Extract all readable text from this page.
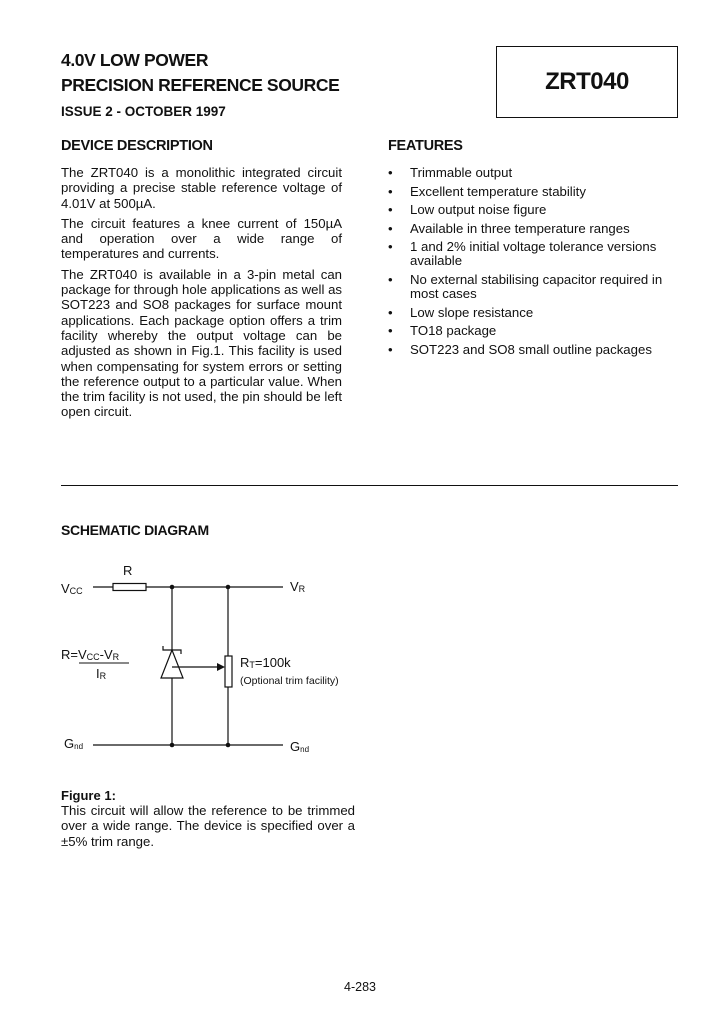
4.0V LOW POWER
PRECISION REFERENCE SOURCE
ISSUE 2 - OCTOBER 1997
ZRT040
DEVICE DESCRIPTION

The ZRT040 is a monolithic integrated circuit providing a precise stable reference voltage of 4.01V at 500µA.

The circuit features a knee current of 150µA and operation over a wide range of temperatures and currents.

The ZRT040 is available in a 3-pin metal can package for through hole applications as well as SOT223 and SO8 packages for surface mount applications. Each package option offers a trim facility whereby the output voltage can be adjusted as shown in Fig.1. This facility is used when compensating for system errors or setting the reference output to a particular value. When the trim facility is not used, the pin should be left open circuit.

FEATURES
• Trimmable output
• Excellent temperature stability
• Low output noise figure
• Available in three temperature ranges
• 1 and 2% initial voltage tolerance versions available
• No external stabilising capacitor required in most cases
• Low slope resistance
• TO18 package
• SOT223 and SO8 small outline packages
SCHEMATIC DIAGRAM
R
VCC	VR
R=VCC-VR
IR
RT=100k
(Optional trim facility)
Gnd	Gnd
Figure 1:
This circuit will allow the reference to be trimmed over a wide range. The device is specified over a ±5% trim range.
4-283
